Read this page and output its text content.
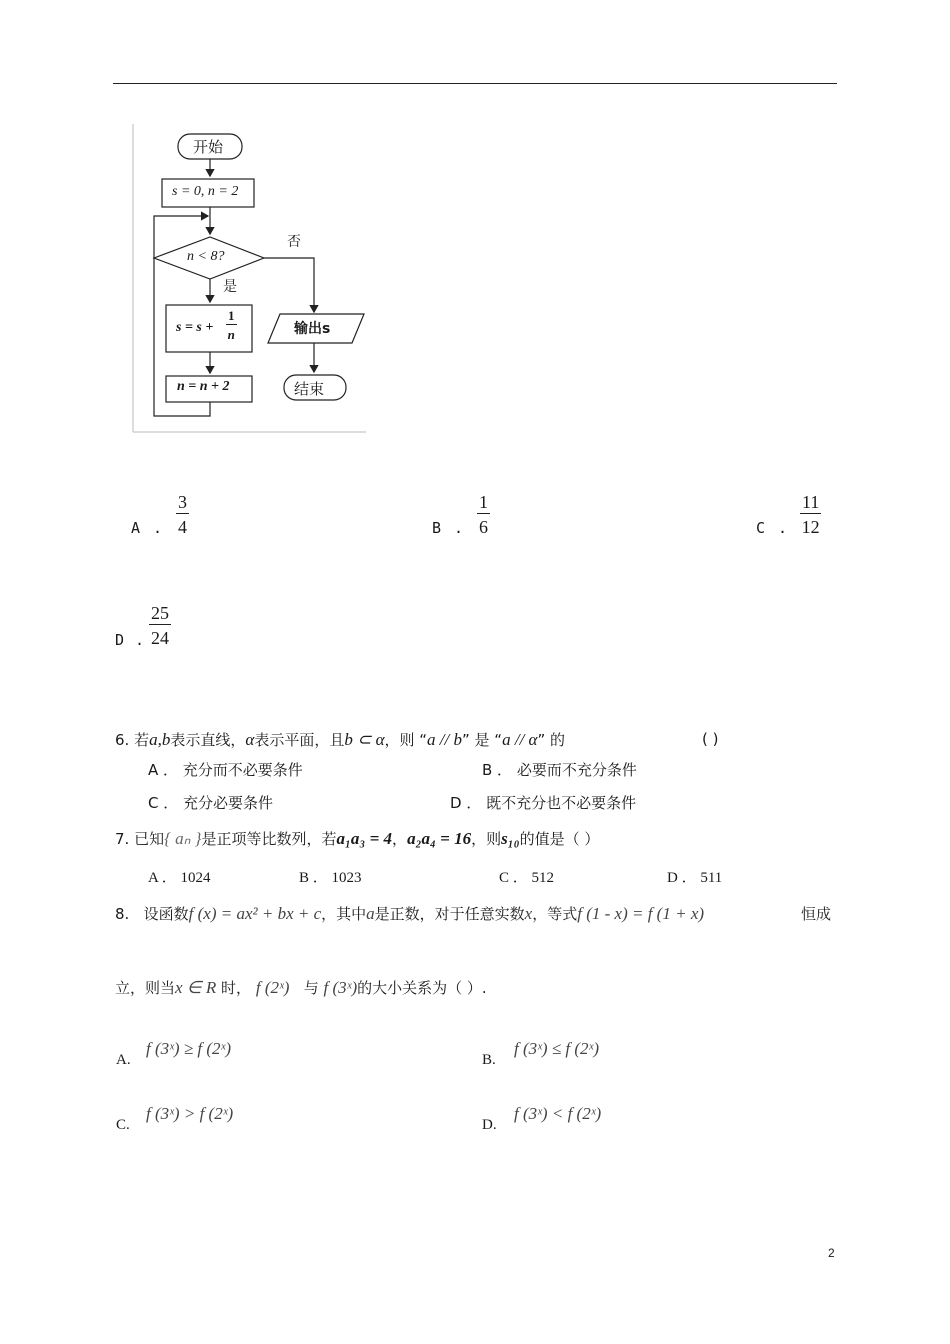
开始
s = 0, n = 2
n < 8?
否
是
$s = s + \frac{1}{n}$
n = n + 2
输出s
结束
A . $\frac{3}{4}$	B . $\frac{1}{6}$	C . $\frac{11}{12}$
D . $\frac{25}{24}$
6. 若a,b表示直线，α表示平面，且b ⊂ α，则 “a // b” 是 “a // α” 的	( )
A ． 充分而不必要条件	B ． 必要而不充分条件
C ． 充分必要条件	D ． 既不充分也不必要条件
7. 已知{ aₙ }是正项等比数列，若a₁a₃ = 4，a₂a₄ = 16，则s₁₀的值是（ ）
A ． 1024	B ． 1023	C ． 512	D ． 511
8. 设函数f (x) = ax² + bx + c，其中a是正数，对于任意实数x，等式f (1 - x) = f (1 + x)	恒成
立，则当x ∈ R 时， f (2ˣ) 与 f (3ˣ)的大小关系为（ ）.
A.
f (3ˣ) ≥ f (2ˣ)
B.
f (3ˣ) ≤ f (2ˣ)
C.
f (3ˣ) > f (2ˣ)
D.
f (3ˣ) < f (2ˣ)
2
